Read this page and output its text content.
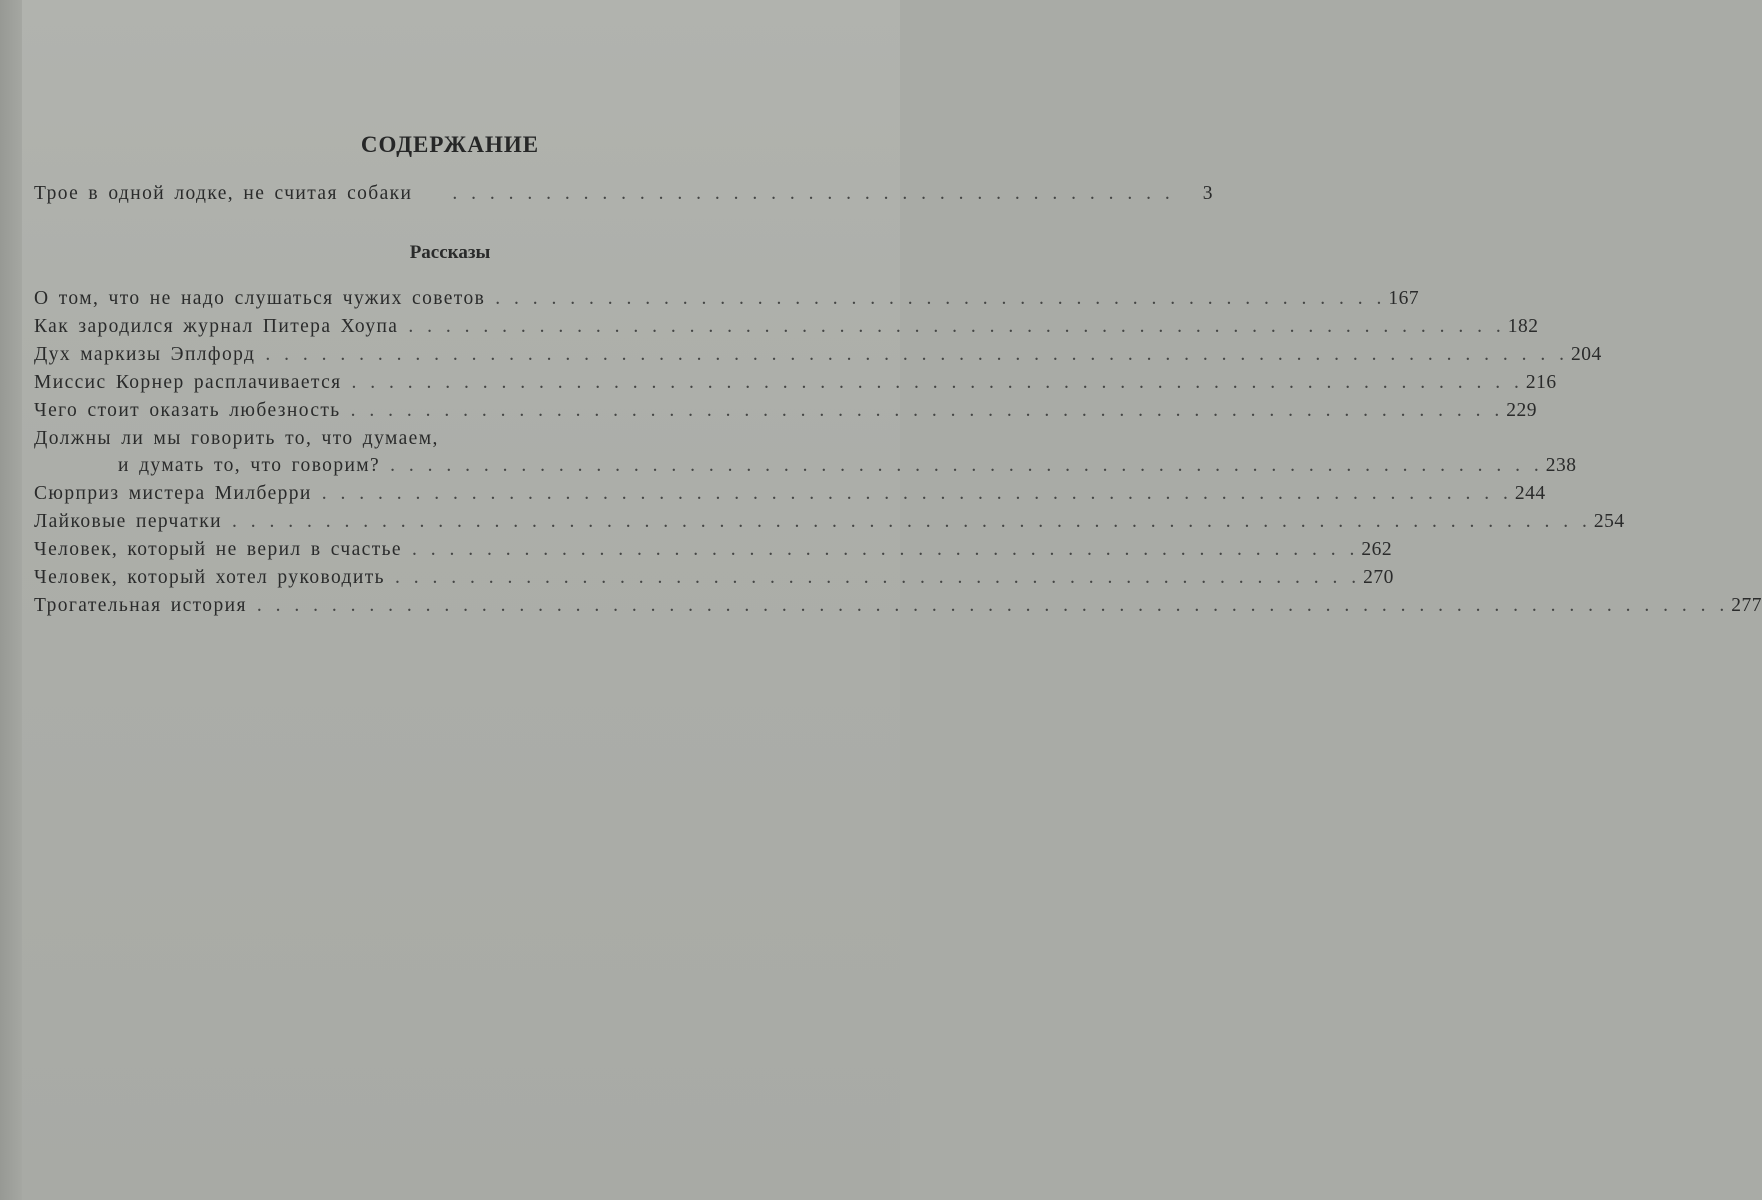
СОДЕРЖАНИЕ
Трое в одной лодке, не считая собаки . . . . . . . . . . . . . . . . . . . . . . . . . . . . . . . . . . . . . . . 3
Рассказы
О том, что не надо слушаться чужих советов . . . . . . . . . . . . . . . . . . . . . . . . . . . . . . . . . . . . . . . . . . . . . . . . 167
Как зародился журнал Питера Хоупа . . . . . . . . . . . . . . . . . . . . . . . . . . . . . . . . . . . . . . . . . . . . . . . . . . . . . . . . . . . 182
Дух маркизы Эплфорд . . . . . . . . . . . . . . . . . . . . . . . . . . . . . . . . . . . . . . . . . . . . . . . . . . . . . . . . . . . . . . . . . . . . . . 204
Миссис Корнер расплачивается . . . . . . . . . . . . . . . . . . . . . . . . . . . . . . . . . . . . . . . . . . . . . . . . . . . . . . . . . . . . . . . 216
Чего стоит оказать любезность . . . . . . . . . . . . . . . . . . . . . . . . . . . . . . . . . . . . . . . . . . . . . . . . . . . . . . . . . . . . . . 229
Должны ли мы говорить то, что думаем,
и думать то, что говорим? . . . . . . . . . . . . . . . . . . . . . . . . . . . . . . . . . . . . . . . . . . . . . . . . . . . . . . . . . . . . . . 238
Сюрприз мистера Милберри . . . . . . . . . . . . . . . . . . . . . . . . . . . . . . . . . . . . . . . . . . . . . . . . . . . . . . . . . . . . . . . . 244
Лайковые перчатки . . . . . . . . . . . . . . . . . . . . . . . . . . . . . . . . . . . . . . . . . . . . . . . . . . . . . . . . . . . . . . . . . . . . . . . . . 254
Человек, который не верил в счастье . . . . . . . . . . . . . . . . . . . . . . . . . . . . . . . . . . . . . . . . . . . . . . . . . . . 262
Человек, который хотел руководить . . . . . . . . . . . . . . . . . . . . . . . . . . . . . . . . . . . . . . . . . . . . . . . . . . . . 270
Трогательная история . . . . . . . . . . . . . . . . . . . . . . . . . . . . . . . . . . . . . . . . . . . . . . . . . . . . . . . . . . . . . . . . . . . . . . . . . . . . . . . 277
